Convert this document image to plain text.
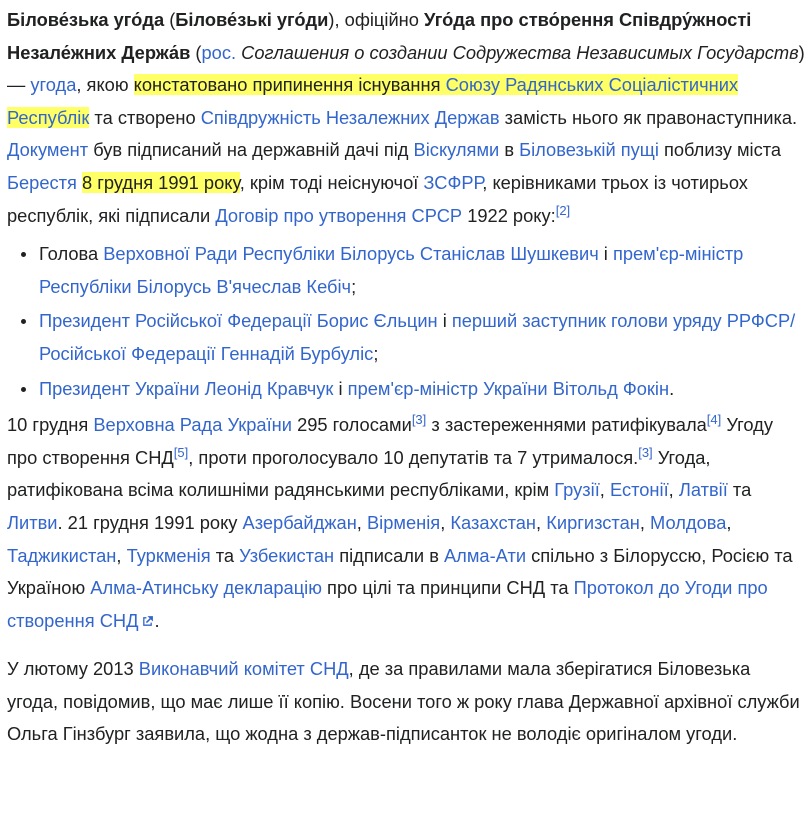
Білове́зька уго́да (Білове́зькі уго́ди), офіційно Уго́да про ство́рення Співдру́жності Незале́жних Держа́в (рос. Соглашения о создании Содружества Независимых Государств) — угода, якою констатовано припинення існування Союзу Радянських Соціалістичних Республік та створено Співдружність Незалежних Держав замість нього як правонаступника. Документ був підписаний на державній дачі під Віскулями в Біловезькій пущі поблизу міста Берестя 8 грудня 1991 року, крім тоді неіснуючої ЗСФРР, керівниками трьох із чотирьох республік, які підписали Договір про утворення СРСР 1922 року:[2]

Голова Верховної Ради Республіки Білорусь Станіслав Шушкевич і прем'єр-міністр Республіки Білорусь В'ячеслав Кебіч;
Президент Російської Федерації Борис Єльцин і перший заступник голови уряду РРФСР/Російської Федерації Геннадій Бурбуліс;
Президент України Леонід Кравчук і прем'єр-міністр України Вітольд Фокін.

10 грудня Верховна Рада України 295 голосами[3] з застереженнями ратифікувала[4] Угоду про створення СНД[5], проти проголосувало 10 депутатів та 7 утрималося.[3] Угода, ратифікована всіма колишніми радянськими республіками, крім Грузії, Естонії, Латвії та Литви. 21 грудня 1991 року Азербайджан, Вірменія, Казахстан, Киргизстан, Молдова, Таджикистан, Туркменія та Узбекистан підписали в Алма-Ати спільно з Білоруссю, Росією та Україною Алма-Атинську декларацію про цілі та принципи СНД та Протокол до Угоди про створення СНД .

У лютому 2013 Виконавчий комітет СНД, де за правилами мала зберігатися Біловезька угода, повідомив, що має лише її копію. Восени того ж року глава Державної архівної служби Ольга Гінзбург заявила, що жодна з держав-підписанток не володіє оригіналом угоди.
